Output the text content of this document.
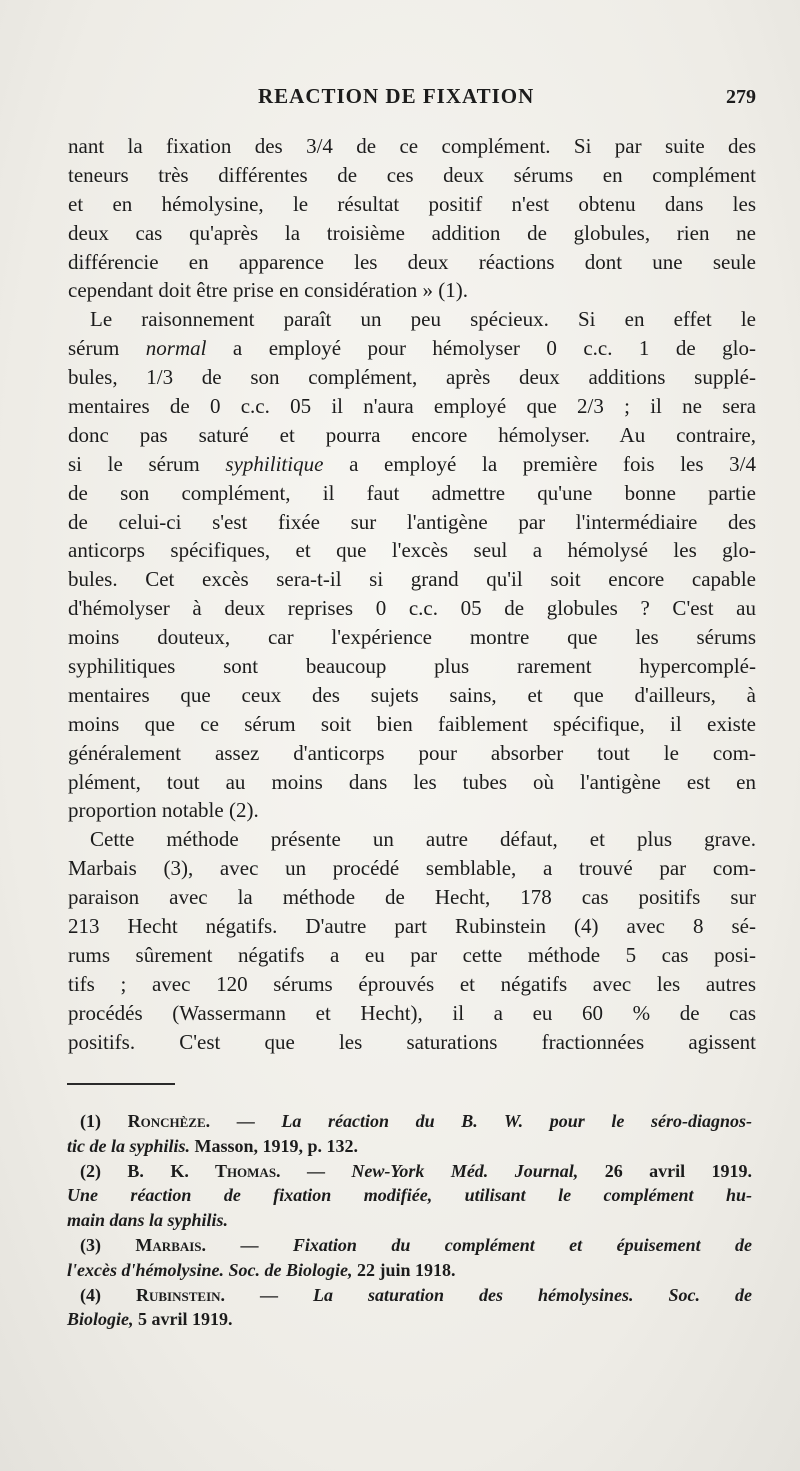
REACTION DE FIXATION	279
nant la fixation des 3/4 de ce complément. Si par suite des
teneurs très différentes de ces deux sérums en complément
et en hémolysine, le résultat positif n'est obtenu dans les
deux cas qu'après la troisième addition de globules, rien ne
différencie en apparence les deux réactions dont une seule
cependant doit être prise en considération » (1).
Le raisonnement paraît un peu spécieux. Si en effet le
sérum normal a employé pour hémolyser 0 c.c. 1 de glo-
bules, 1/3 de son complément, après deux additions supplé-
mentaires de 0 c.c. 05 il n'aura employé que 2/3 ; il ne sera
donc pas saturé et pourra encore hémolyser. Au contraire,
si le sérum syphilitique a employé la première fois les 3/4
de son complément, il faut admettre qu'une bonne partie
de celui-ci s'est fixée sur l'antigène par l'intermédiaire des
anticorps spécifiques, et que l'excès seul a hémolysé les glo-
bules. Cet excès sera-t-il si grand qu'il soit encore capable
d'hémolyser à deux reprises 0 c.c. 05 de globules ? C'est au
moins douteux, car l'expérience montre que les sérums
syphilitiques sont beaucoup plus rarement hypercomplé-
mentaires que ceux des sujets sains, et que d'ailleurs, à
moins que ce sérum soit bien faiblement spécifique, il existe
généralement assez d'anticorps pour absorber tout le com-
plément, tout au moins dans les tubes où l'antigène est en
proportion notable (2).
Cette méthode présente un autre défaut, et plus grave.
Marbais (3), avec un procédé semblable, a trouvé par com-
paraison avec la méthode de Hecht, 178 cas positifs sur
213 Hecht négatifs. D'autre part Rubinstein (4) avec 8 sé-
rums sûrement négatifs a eu par cette méthode 5 cas posi-
tifs ; avec 120 sérums éprouvés et négatifs avec les autres
procédés (Wassermann et Hecht), il a eu 60 % de cas
positifs. C'est que les saturations fractionnées agissent
(1) Ronchèze. — La réaction du B. W. pour le séro-diagnos-
tic de la syphilis. Masson, 1919, p. 132.
(2) B. K. Thomas. — New-York Méd. Journal, 26 avril 1919.
Une réaction de fixation modifiée, utilisant le complément hu-
main dans la syphilis.
(3) Marbais. — Fixation du complément et épuisement de
l'excès d'hémolysine. Soc. de Biologie, 22 juin 1918.
(4) Rubinstein. — La saturation des hémolysines. Soc. de
Biologie, 5 avril 1919.
